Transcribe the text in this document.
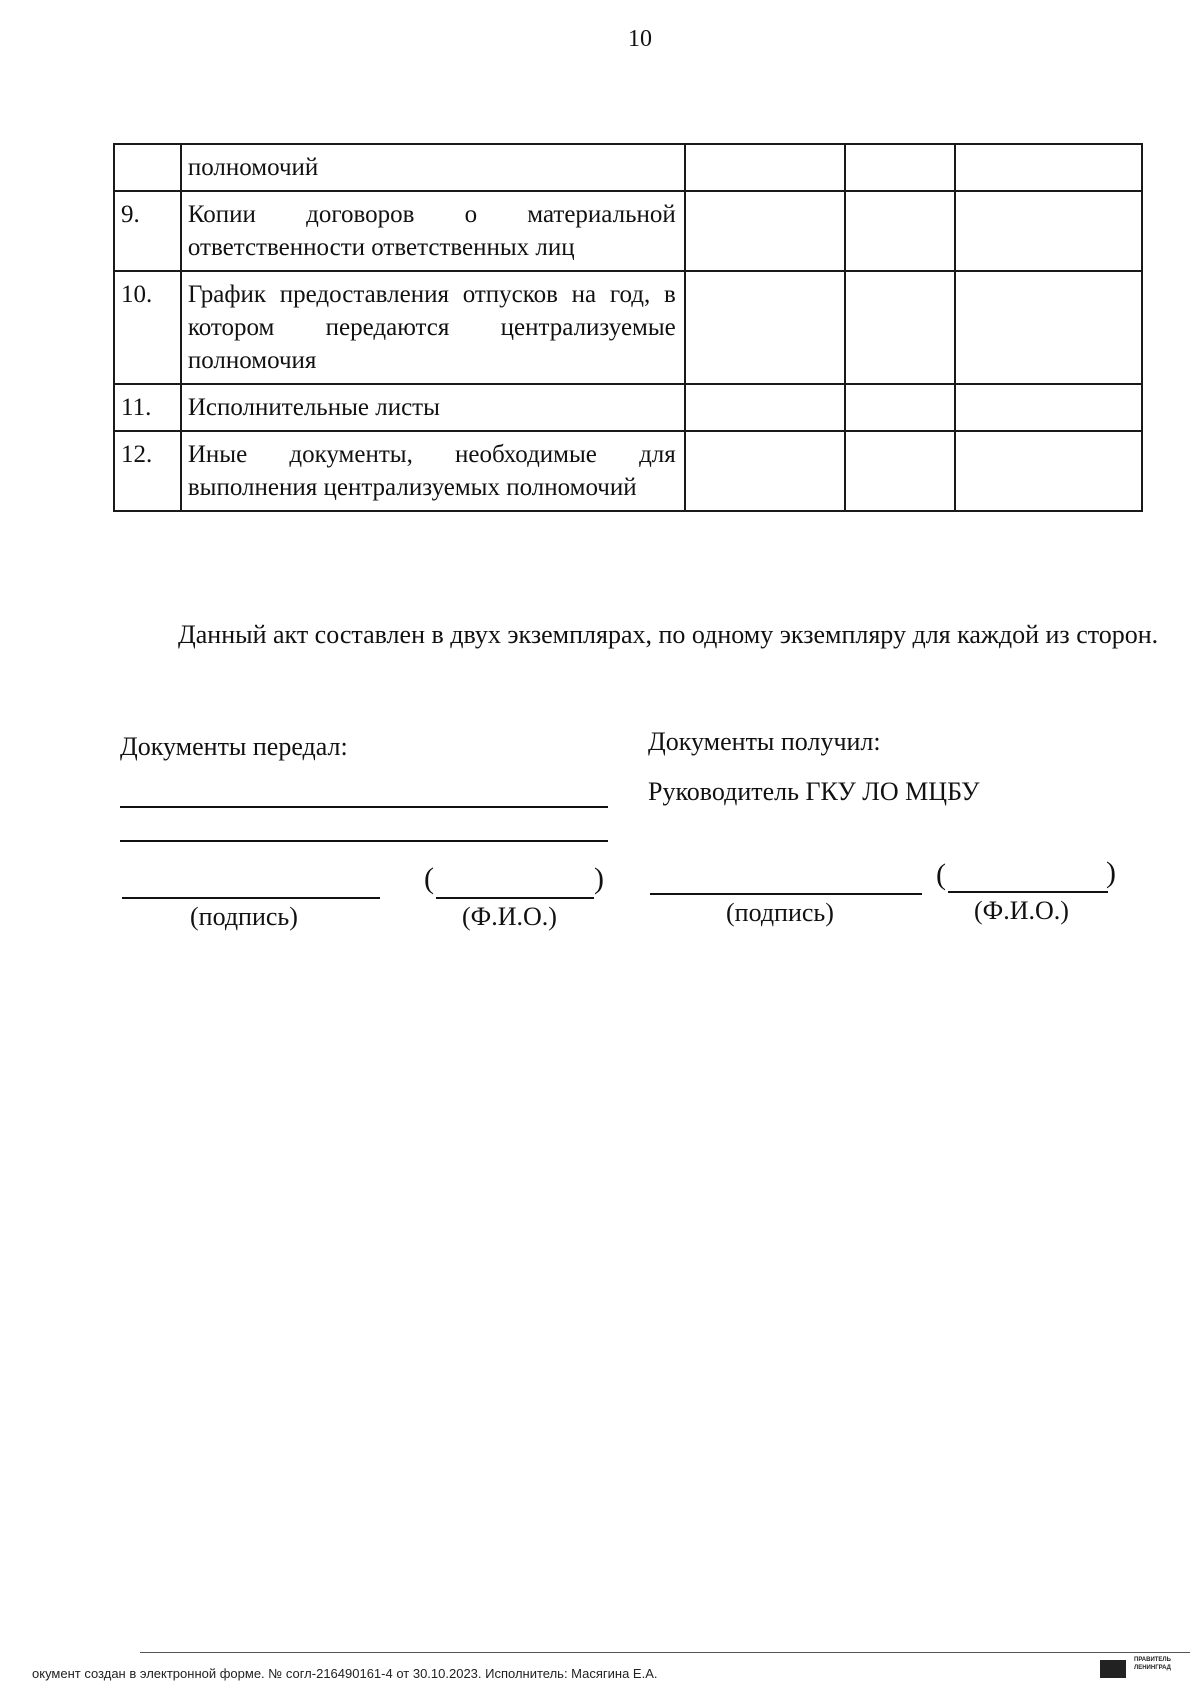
10
	полномочий			
9.	Копии договоров о материальной ответственности ответственных лиц			
10.	График предоставления отпусков на год, в котором передаются централизуемые полномочия			
11.	Исполнительные листы			
12.	Иные документы, необходимые для выполнения централизуемых полномочий			
Данный акт составлен в двух экземплярах, по одному экземпляру для каждой из сторон.
Документы передал:
(	)
(подпись)	(Ф.И.О.)
Документы получил:
Руководитель ГКУ ЛО МЦБУ
(	)
(подпись)	(Ф.И.О.)
окумент создан в электронной форме. № согл-216490161-4 от 30.10.2023. Исполнитель: Масягина Е.А.
ПРАВИТЕЛЬ ЛЕНИНГРАД
